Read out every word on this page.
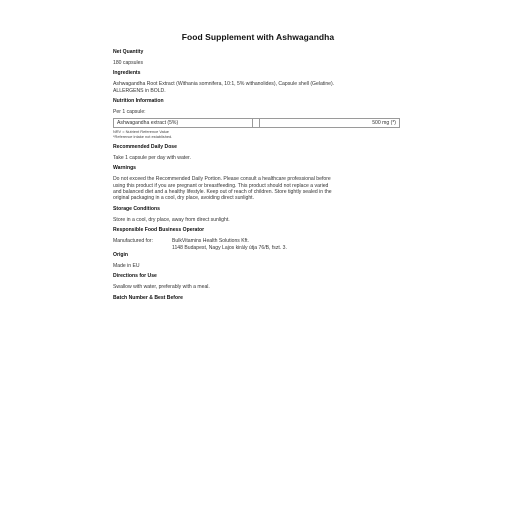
Food Supplement with Ashwagandha

Net Quantity

180 capsules

Ingredients

Ashwagandha Root Extract (Withania somnifera, 10:1, 5% withanolides), Capsule shell (Gelatine).

ALLERGENS in BOLD.

Nutrition Information

Per 1 capsule:

Ashwagandha extract (5%)		500 mg (*)

NRV = Nutrient Reference Value

*Reference intake not established.

Recommended Daily Dose

Take 1 capsule per day with water.

Warnings

Do not exceed the Recommended Daily Portion. Please consult a healthcare professional before

using this product if you are pregnant or breastfeeding. This product should not replace a varied

and balanced diet and a healthy lifestyle. Keep out of reach of children. Store tightly sealed in the

original packaging in a cool, dry place, avoiding direct sunlight.

Storage Conditions

Store in a cool, dry place, away from direct sunlight.

Responsible Food Business Operator

Manufactured for:	BulkVitamins Health Solutions Kft.
1148 Budapest, Nagy Lajos király útja 76/B, fszt. 3.

Origin

Made in EU

Directions for Use

Swallow with water, preferably with a meal.

Batch Number & Best Before
